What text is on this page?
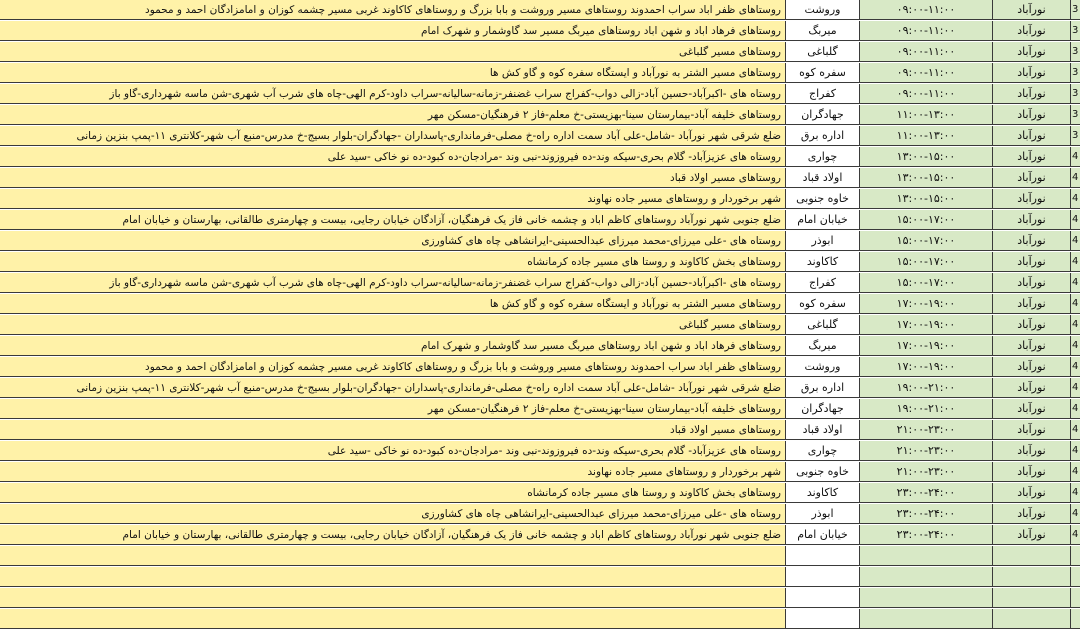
روستاهای ظفر اباد سراب احمدوند روستاهای مسیر وروشت و بابا بزرگ و روستاهای کاکاوند غربی مسیر چشمه کوزان و امامزادگان احمد و محمود	وروشت	۰۹:۰۰-۱۱:۰۰	نورآباد	3
روستاهای فرهاد اباد و شهن اباد روستاهای میربگ مسیر سد گاوشمار و شهرک امام	میربگ	۰۹:۰۰-۱۱:۰۰	نورآباد	3
روستاهای مسیر گلباغی	گلباغی	۰۹:۰۰-۱۱:۰۰	نورآباد	3
روستاهای مسیر الشتر به نورآباد و ایستگاه سفره کوه و گاو کش ها	سفره کوه	۰۹:۰۰-۱۱:۰۰	نورآباد	3
روستاه های -اکبرآباد-حسین آباد-زالی دواب-کفراج سراب غضنفر-زمانه-سالیانه-سراب داود-کرم الهی-چاه های شرب آب شهری-شن ماسه شهرداری-گاو باز	کفراج	۰۹:۰۰-۱۱:۰۰	نورآباد	3
روستاهای خلیفه آباد-بیمارستان سینا-بهزیستی-خ معلم-فاز ۲ فرهنگیان-مسکن مهر	جهادگران	۱۱:۰۰-۱۳:۰۰	نورآباد	3
ضلع شرقی شهر نورآباد -شامل-علی آباد سمت اداره راه-خ مصلی-فرمانداری-پاسداران -جهادگران-بلوار بسیج-خ مدرس-منبع آب شهر-کلانتری ۱۱-پمپ بنزین زمانی	اداره برق	۱۱:۰۰-۱۳:۰۰	نورآباد	3
روستاه های عزیزآباد- گلام بحری-سیکه وند-ده فیروزوند-نبی وند -مرادجان-ده کبود-ده نو خاکی -سید علی	چواری	۱۳:۰۰-۱۵:۰۰	نورآباد	4
روستاهای مسیر اولاد قباد	اولاد قباد	۱۳:۰۰-۱۵:۰۰	نورآباد	4
شهر برخوردار و روستاهای مسیر جاده نهاوند	خاوه جنوبی	۱۳:۰۰-۱۵:۰۰	نورآباد	4
ضلع جنوبی شهر نورآباد روستاهای کاظم اباد و چشمه خانی فاز یک فرهنگیان، آزادگان خیابان رجایی، بیست و چهارمتری طالقانی، بهارستان و خیابان امام	خیابان امام	۱۵:۰۰-۱۷:۰۰	نورآباد	4
روستاه های -علی میرزای-محمد میرزای عبدالحسینی-ایرانشاهی چاه های کشاورزی	ابوذر	۱۵:۰۰-۱۷:۰۰	نورآباد	4
روستاهای بخش کاکاوند و روستا های مسیر جاده کرمانشاه	کاکاوند	۱۵:۰۰-۱۷:۰۰	نورآباد	4
روستاه های -اکبرآباد-حسین آباد-زالی دواب-کفراج سراب غضنفر-زمانه-سالیانه-سراب داود-کرم الهی-چاه های شرب آب شهری-شن ماسه شهرداری-گاو باز	کفراج	۱۵:۰۰-۱۷:۰۰	نورآباد	4
روستاهای مسیر الشتر به نورآباد و ایستگاه سفره کوه و گاو کش ها	سفره کوه	۱۷:۰۰-۱۹:۰۰	نورآباد	4
روستاهای مسیر گلباغی	گلباغی	۱۷:۰۰-۱۹:۰۰	نورآباد	4
روستاهای فرهاد اباد و شهن اباد روستاهای میربگ مسیر سد گاوشمار و شهرک امام	میربگ	۱۷:۰۰-۱۹:۰۰	نورآباد	4
روستاهای ظفر اباد سراب احمدوند روستاهای مسیر وروشت و بابا بزرگ و روستاهای کاکاوند غربی مسیر چشمه کوزان و امامزادگان احمد و محمود	وروشت	۱۷:۰۰-۱۹:۰۰	نورآباد	4
ضلع شرقی شهر نورآباد -شامل-علی آباد سمت اداره راه-خ مصلی-فرمانداری-پاسداران -جهادگران-بلوار بسیج-خ مدرس-منبع آب شهر-کلانتری ۱۱-پمپ بنزین زمانی	اداره برق	۱۹:۰۰-۲۱:۰۰	نورآباد	4
روستاهای خلیفه آباد-بیمارستان سینا-بهزیستی-خ معلم-فاز ۲ فرهنگیان-مسکن مهر	جهادگران	۱۹:۰۰-۲۱:۰۰	نورآباد	4
روستاهای مسیر اولاد قباد	اولاد قباد	۲۱:۰۰-۲۳:۰۰	نورآباد	4
روستاه های عزیزآباد- گلام بحری-سیکه وند-ده فیروزوند-نبی وند -مرادجان-ده کبود-ده نو خاکی -سید علی	چواری	۲۱:۰۰-۲۳:۰۰	نورآباد	4
شهر برخوردار و روستاهای مسیر جاده نهاوند	خاوه جنوبی	۲۱:۰۰-۲۳:۰۰	نورآباد	4
روستاهای بخش کاکاوند و روستا های مسیر جاده کرمانشاه	کاکاوند	۲۳:۰۰-۲۴:۰۰	نورآباد	4
روستاه های -علی میرزای-محمد میرزای عبدالحسینی-ایرانشاهی چاه های کشاورزی	ابوذر	۲۳:۰۰-۲۴:۰۰	نورآباد	4
ضلع جنوبی شهر نورآباد روستاهای کاظم اباد و چشمه خانی فاز یک فرهنگیان، آزادگان خیابان رجایی، بیست و چهارمتری طالقانی، بهارستان و خیابان امام	خیابان امام	۲۳:۰۰-۲۴:۰۰	نورآباد	4
